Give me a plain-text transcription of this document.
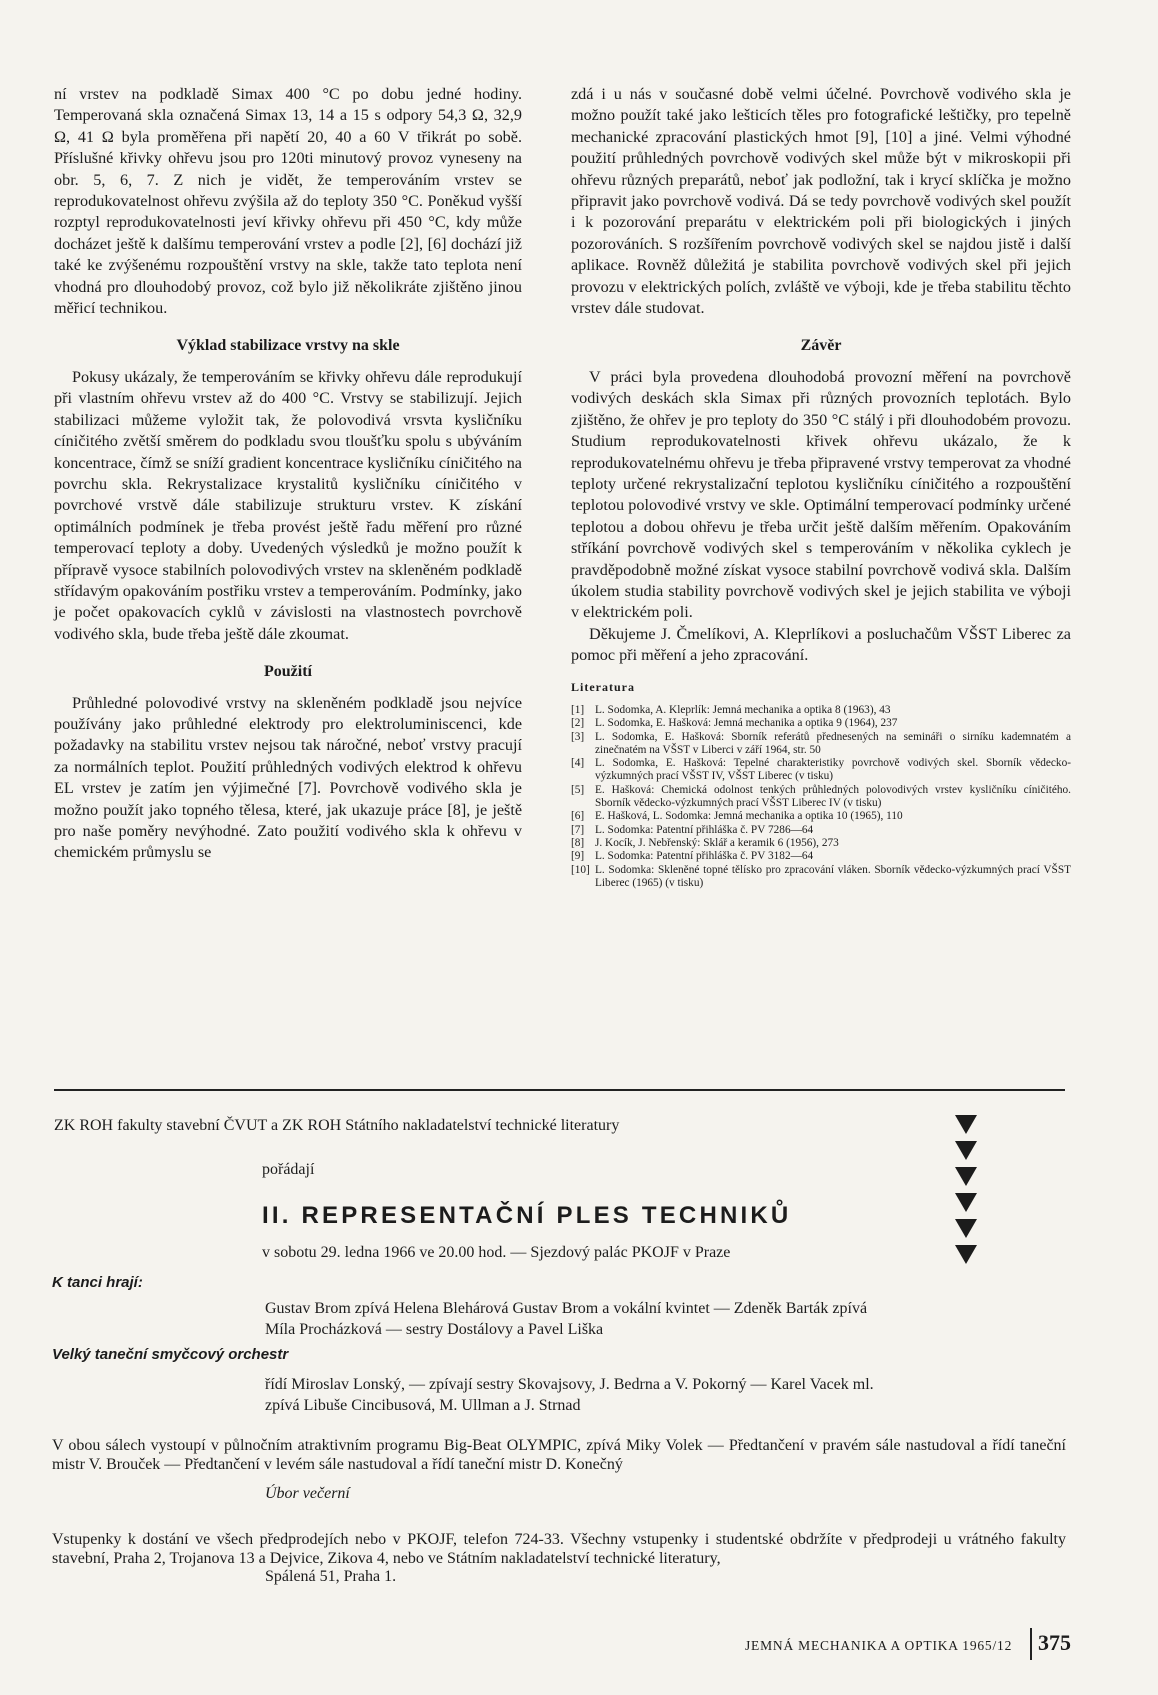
ní vrstev na podkladě Simax 400 °C po dobu jedné hodiny. Temperovaná skla označená Simax 13, 14 a 15 s odpory 54,3 Ω, 32,9 Ω, 41 Ω byla proměřena při napětí 20, 40 a 60 V třikrát po sobě. Příslušné křivky ohřevu jsou pro 120ti minutový provoz vyneseny na obr. 5, 6, 7. Z nich je vidět, že temperováním vrstev se reprodukovatelnost ohřevu zvýšila až do teploty 350 °C. Poněkud vyšší rozptyl reprodukovatelnosti jeví křivky ohřevu při 450 °C, kdy může docházet ještě k dalšímu temperování vrstev a podle [2], [6] dochází již také ke zvýšenému rozpouštění vrstvy na skle, takže tato teplota není vhodná pro dlouhodobý provoz, což bylo již několikráte zjištěno jinou měřicí technikou.

Výklad stabilizace vrstvy na skle

Pokusy ukázaly, že temperováním se křivky ohřevu dále reprodukují při vlastním ohřevu vrstev až do 400 °C. Vrstvy se stabilizují. Jejich stabilizaci můžeme vyložit tak, že polovodivá vrsvta kysličníku cíničitého zvětší směrem do podkladu svou tloušťku spolu s ubýváním koncentrace, čímž se sníží gradient koncentrace kysličníku cíničitého na povrchu skla. Rekrystalizace krystalitů kysličníku cíničitého v povrchové vrstvě dále stabilizuje strukturu vrstev. K získání optimálních podmínek je třeba provést ještě řadu měření pro různé temperovací teploty a doby. Uvedených výsledků je možno použít k přípravě vysoce stabilních polovodivých vrstev na skleněném podkladě střídavým opakováním postřiku vrstev a temperováním. Podmínky, jako je počet opakovacích cyklů v závislosti na vlastnostech povrchově vodivého skla, bude třeba ještě dále zkoumat.

Použití

Průhledné polovodivé vrstvy na skleněném podkladě jsou nejvíce používány jako průhledné elektrody pro elektroluminiscenci, kde požadavky na stabilitu vrstev nejsou tak náročné, neboť vrstvy pracují za normálních teplot. Použití průhledných vodivých elektrod k ohřevu EL vrstev je zatím jen výjimečné [7]. Povrchově vodivého skla je možno použít jako topného tělesa, které, jak ukazuje práce [8], je ještě pro naše poměry nevýhodné. Zato použití vodivého skla k ohřevu v chemickém průmyslu se

zdá i u nás v současné době velmi účelné. Povrchově vodivého skla je možno použít také jako lešticích těles pro fotografické leštičky, pro tepelně mechanické zpracování plastických hmot [9], [10] a jiné. Velmi výhodné použití průhledných povrchově vodivých skel může být v mikroskopii při ohřevu různých preparátů, neboť jak podložní, tak i krycí sklíčka je možno připravit jako povrchově vodivá. Dá se tedy povrchově vodivých skel použít i k pozorování preparátu v elektrickém poli při biologických i jiných pozorováních. S rozšířením povrchově vodivých skel se najdou jistě i další aplikace. Rovněž důležitá je stabilita povrchově vodivých skel při jejich provozu v elektrických polích, zvláště ve výboji, kde je třeba stabilitu těchto vrstev dále studovat.

Závěr

V práci byla provedena dlouhodobá provozní měření na povrchově vodivých deskách skla Simax při různých provozních teplotách. Bylo zjištěno, že ohřev je pro teploty do 350 °C stálý i při dlouhodobém provozu. Studium reprodukovatelnosti křivek ohřevu ukázalo, že k reprodukovatelnému ohřevu je třeba připravené vrstvy temperovat za vhodné teploty určené rekrystalizační teplotou kysličníku cíničitého a rozpouštění teplotou polovodivé vrstvy ve skle. Optimální temperovací podmínky určené teplotou a dobou ohřevu je třeba určit ještě dalším měřením. Opakováním stříkání povrchově vodivých skel s temperováním v několika cyklech je pravděpodobně možné získat vysoce stabilní povrchově vodivá skla. Dalším úkolem studia stability povrchově vodivých skel je jejich stabilita ve výboji v elektrickém poli.

Děkujeme J. Čmelíkovi, A. Kleprlíkovi a posluchačům VŠST Liberec za pomoc při měření a jeho zpracování.

Literatura
[1] L. Sodomka, A. Kleprlík: Jemná mechanika a optika 8 (1963), 43
[2] L. Sodomka, E. Hašková: Jemná mechanika a optika 9 (1964), 237
[3] L. Sodomka, E. Hašková: Sborník referátů přednesených na semináři o sirníku kademnatém a zinečnatém na VŠST v Liberci v září 1964, str. 50
[4] L. Sodomka, E. Hašková: Tepelné charakteristiky povrchově vodivých skel. Sborník vědecko-výzkumných prací VŠST IV, VŠST Liberec (v tisku)
[5] E. Hašková: Chemická odolnost tenkých průhledných polovodivých vrstev kysličníku cíničitého. Sborník vědecko-výzkumných prací VŠST Liberec IV (v tisku)
[6] E. Hašková, L. Sodomka: Jemná mechanika a optika 10 (1965), 110
[7] L. Sodomka: Patentní přihláška č. PV 7286—64
[8] J. Kocík, J. Nebřenský: Sklář a keramik 6 (1956), 273
[9] L. Sodomka: Patentní přihláška č. PV 3182—64
[10] L. Sodomka: Skleněné topné tělísko pro zpracování vláken. Sborník vědecko-výzkumných prací VŠST Liberec (1965) (v tisku)
ZK ROH fakulty stavební ČVUT a ZK ROH Státního nakladatelství technické literatury
pořádají
II. REPRESENTAČNÍ PLES TECHNIKŮ
v sobotu 29. ledna 1966 ve 20.00 hod. — Sjezdový palác PKOJF v Praze
K tanci hrají:
Gustav Brom zpívá Helena Blehárová Gustav Brom a vokální kvintet — Zdeněk Barták zpívá
Míla Procházková — sestry Dostálovy a Pavel Liška
Velký taneční smyčcový orchestr
řídí Miroslav Lonský, — zpívají sestry Skovajsovy, J. Bedrna a V. Pokorný — Karel Vacek ml.
zpívá Libuše Cincibusová, M. Ullman a J. Strnad
V obou sálech vystoupí v půlnočním atraktivním programu Big-Beat OLYMPIC, zpívá Miky Volek — Předtančení v pravém sále nastudoval a řídí taneční mistr V. Brouček — Předtančení v levém sále nastudoval a řídí taneční mistr D. Konečný
Úbor večerní
Vstupenky k dostání ve všech předprodejích nebo v PKOJF, telefon 724-33. Všechny vstupenky i studentské obdržíte v předprodeji u vrátného fakulty stavební, Praha 2, Trojanova 13 a Dejvice, Zikova 4, nebo ve Státním nakladatelství technické literatury,
Spálená 51, Praha 1.
JEMNÁ MECHANIKA A OPTIKA 1965/12 375
